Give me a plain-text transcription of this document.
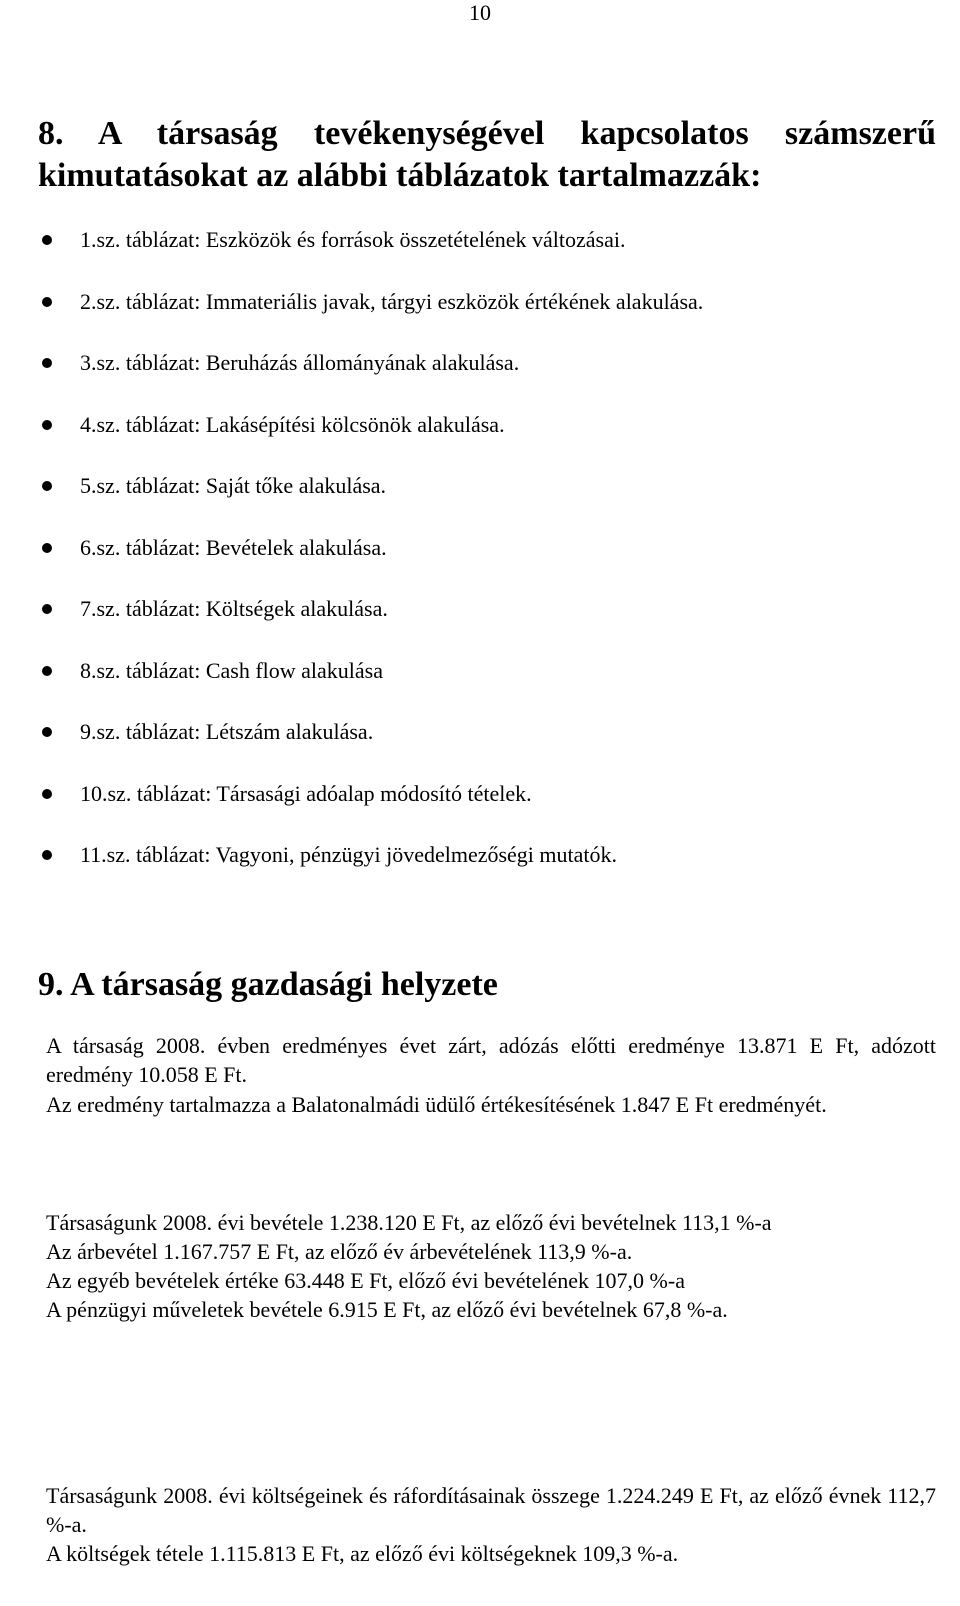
10
8. A társaság tevékenységével kapcsolatos számszerű kimutatásokat az alábbi táblázatok tartalmazzák:
1.sz. táblázat: Eszközök és források összetételének változásai.
2.sz. táblázat: Immateriális javak, tárgyi eszközök értékének alakulása.
3.sz. táblázat: Beruházás állományának alakulása.
4.sz. táblázat: Lakásépítési kölcsönök alakulása.
5.sz. táblázat: Saját tőke alakulása.
6.sz. táblázat: Bevételek alakulása.
7.sz. táblázat: Költségek alakulása.
8.sz. táblázat: Cash flow alakulása
9.sz. táblázat: Létszám alakulása.
10.sz. táblázat: Társasági adóalap módosító tételek.
11.sz. táblázat: Vagyoni, pénzügyi jövedelmezőségi mutatók.
9. A társaság gazdasági helyzete

A társaság 2008. évben eredményes évet zárt, adózás előtti eredménye 13.871 E Ft, adózott eredmény 10.058 E Ft.

Az eredmény tartalmazza a Balatonalmádi üdülő értékesítésének 1.847 E Ft eredményét.

Társaságunk 2008. évi bevétele 1.238.120 E Ft, az előző évi bevételnek 113,1 %-a
Az árbevétel 1.167.757 E Ft, az előző év árbevételének 113,9 %-a.
Az egyéb bevételek értéke 63.448 E Ft, előző évi bevételének 107,0 %-a
A pénzügyi műveletek bevétele 6.915 E Ft, az előző évi bevételnek 67,8 %-a.

Társaságunk 2008. évi költségeinek és ráfordításainak összege 1.224.249 E Ft, az előző évnek 112,7 %-a.

A költségek tétele 1.115.813 E Ft, az előző évi költségeknek 109,3 %-a.
